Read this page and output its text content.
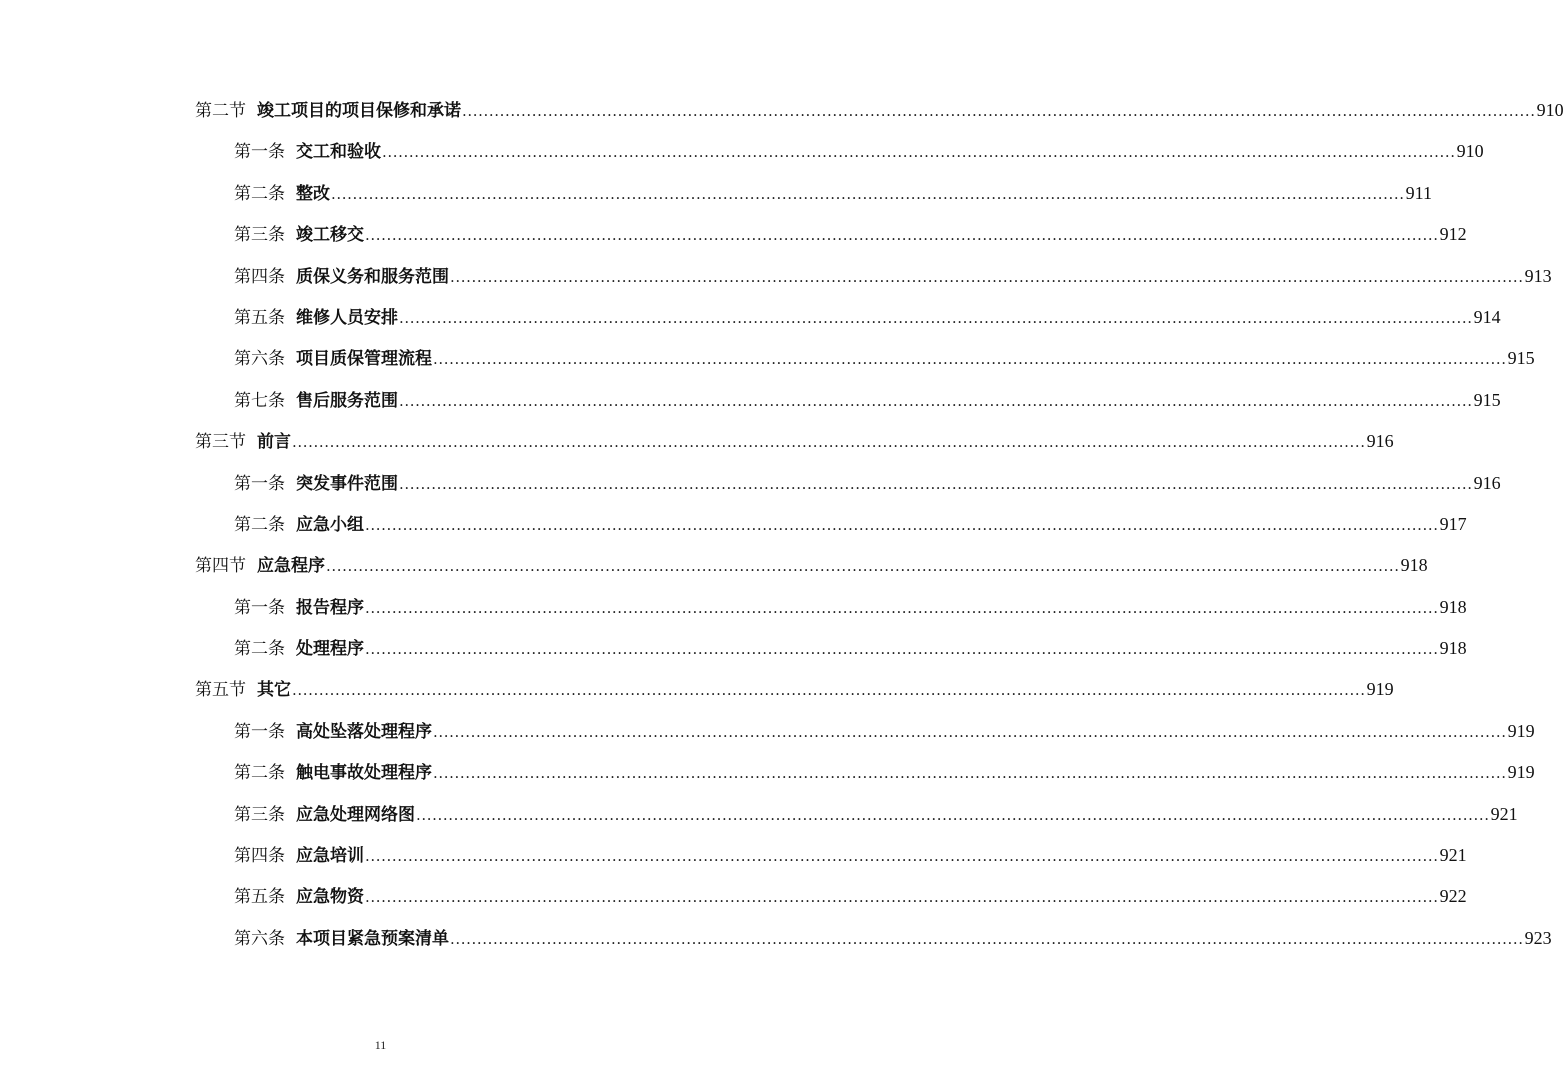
第二节 竣工项目的项目保修和承诺 ........................................................................................................................................................................................................ 910
第一条 交工和验收 ........................................................................................................................................................................................................ 910
第二条 整改 ........................................................................................................................................................................................................ 911
第三条 竣工移交 ........................................................................................................................................................................................................ 912
第四条 质保义务和服务范围 ........................................................................................................................................................................................................ 913
第五条 维修人员安排 ........................................................................................................................................................................................................ 914
第六条 项目质保管理流程 ........................................................................................................................................................................................................ 915
第七条 售后服务范围 ........................................................................................................................................................................................................ 915
第三节 前言 ........................................................................................................................................................................................................ 916
第一条 突发事件范围 ........................................................................................................................................................................................................ 916
第二条 应急小组 ........................................................................................................................................................................................................ 917
第四节 应急程序 ........................................................................................................................................................................................................ 918
第一条 报告程序 ........................................................................................................................................................................................................ 918
第二条 处理程序 ........................................................................................................................................................................................................ 918
第五节 其它 ........................................................................................................................................................................................................ 919
第一条 高处坠落处理程序 ........................................................................................................................................................................................................ 919
第二条 触电事故处理程序 ........................................................................................................................................................................................................ 919
第三条 应急处理网络图 ........................................................................................................................................................................................................ 921
第四条 应急培训 ........................................................................................................................................................................................................ 921
第五条 应急物资 ........................................................................................................................................................................................................ 922
第六条 本项目紧急预案清单 ........................................................................................................................................................................................................ 923
11
